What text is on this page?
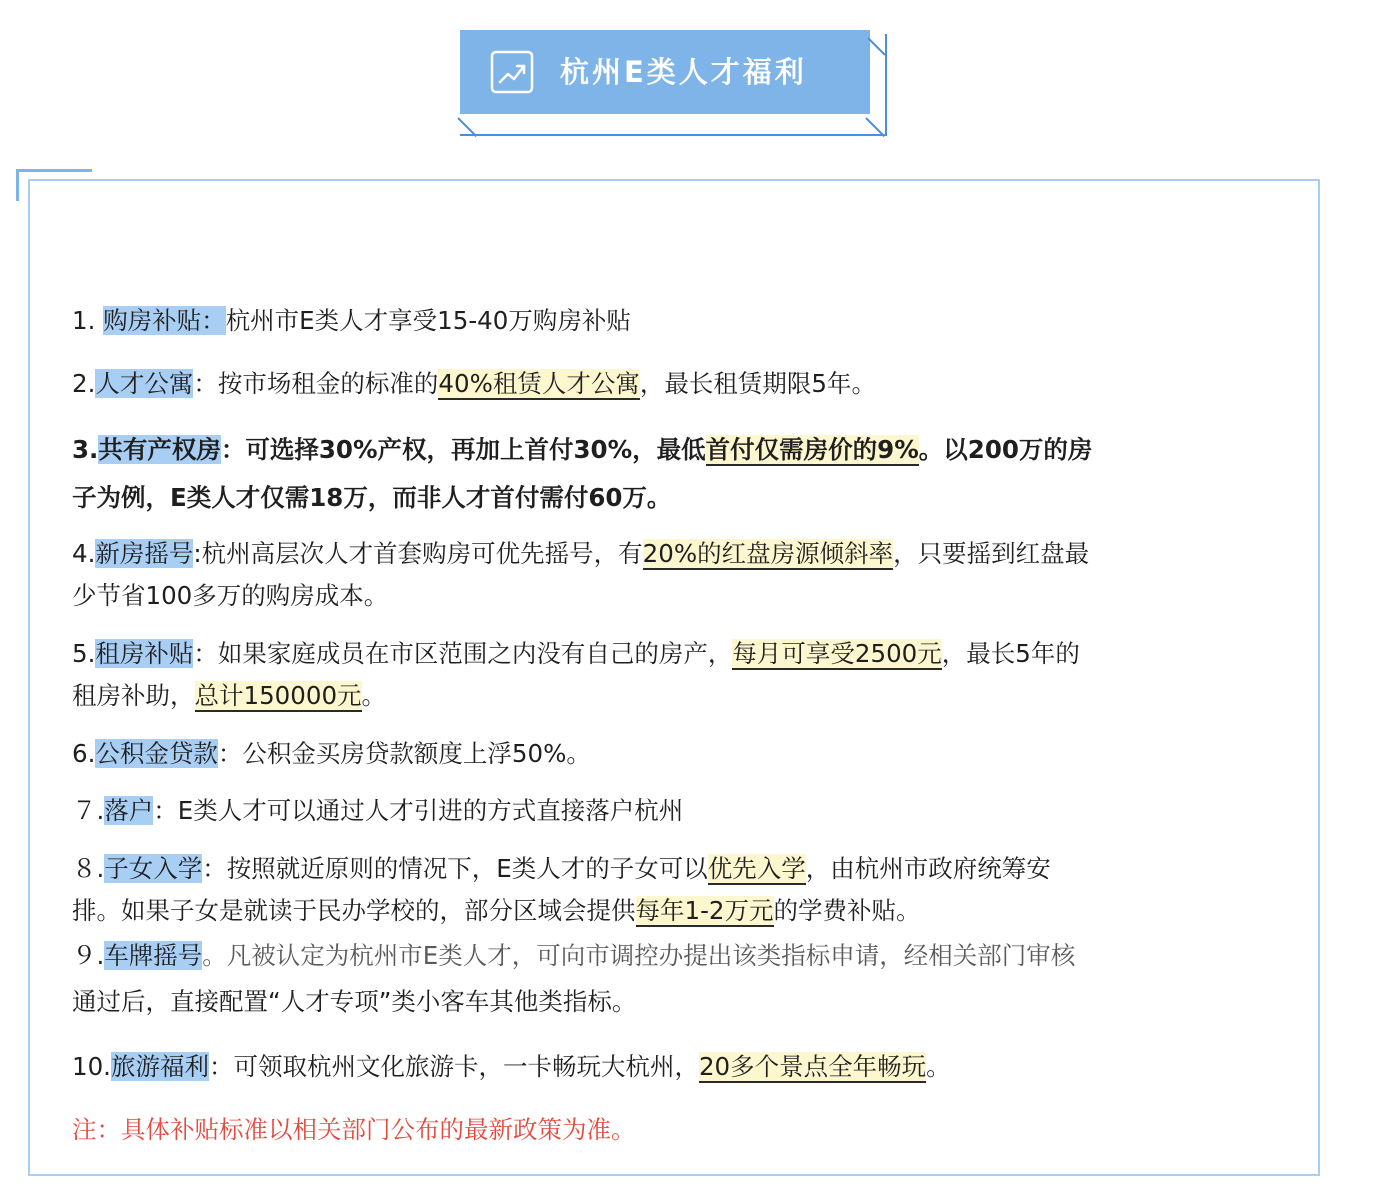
杭州E类人才福利
1. 购房补贴：杭州市E类人才享受15-40万购房补贴
2.人才公寓：按市场租金的标准的40%租赁人才公寓，最长租赁期限5年。
3.共有产权房：可选择30%产权，再加上首付30%，最低首付仅需房价的9%。以200万的房
子为例，E类人才仅需18万，而非人才首付需付60万。
4.新房摇号:杭州高层次人才首套购房可优先摇号，有20%的红盘房源倾斜率，只要摇到红盘最
少节省100多万的购房成本。
5.租房补贴：如果家庭成员在市区范围之内没有自己的房产，每月可享受2500元，最长5年的
租房补助，总计150000元。
6.公积金贷款：公积金买房贷款额度上浮50%。
７.落户：E类人才可以通过人才引进的方式直接落户杭州
８.子女入学：按照就近原则的情况下，E类人才的子女可以优先入学，由杭州市政府统筹安
排。如果子女是就读于民办学校的，部分区域会提供每年1-2万元的学费补贴。
９.车牌摇号。凡被认定为杭州市E类人才，可向市调控办提出该类指标申请，经相关部门审核
通过后，直接配置“人才专项”类小客车其他类指标。
10.旅游福利：可领取杭州文化旅游卡，一卡畅玩大杭州，20多个景点全年畅玩。
注：具体补贴标准以相关部门公布的最新政策为准。
